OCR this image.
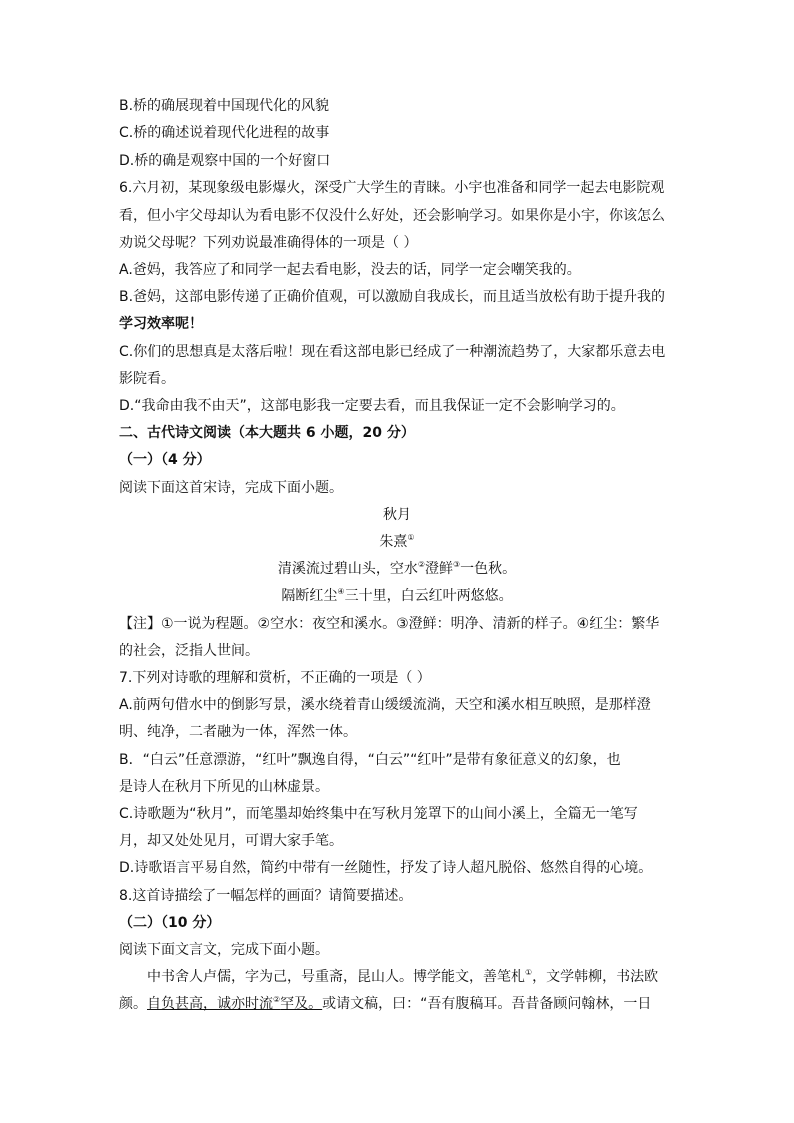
B.桥的确展现着中国现代化的风貌
C.桥的确述说着现代化进程的故事
D.桥的确是观察中国的一个好窗口
6.六月初，某现象级电影爆火，深受广大学生的青睐。小宇也准备和同学一起去电影院观
看，但小宇父母却认为看电影不仅没什么好处，还会影响学习。如果你是小宇，你该怎么
劝说父母呢？下列劝说最准确得体的一项是（ ）
A.爸妈，我答应了和同学一起去看电影，没去的话，同学一定会嘲笑我的。
B.爸妈，这部电影传递了正确价值观，可以激励自我成长，而且适当放松有助于提升我的
学习效率呢！
C.你们的思想真是太落后啦！现在看这部电影已经成了一种潮流趋势了，大家都乐意去电
影院看。
D.“我命由我不由天”，这部电影我一定要去看，而且我保证一定不会影响学习的。
二、古代诗文阅读（本大题共 6 小题，20 分）
（一）（4 分）
阅读下面这首宋诗，完成下面小题。
秋月
朱熹①
清溪流过碧山头，空水②澄鲜③一色秋。
隔断红尘④三十里，白云红叶两悠悠。
【注】①一说为程题。②空水：夜空和溪水。③澄鲜：明净、清新的样子。④红尘：繁华
的社会，泛指人世间。
7.下列对诗歌的理解和赏析，不正确的一项是（ ）
A.前两句借水中的倒影写景，溪水绕着青山缓缓流淌，天空和溪水相互映照，是那样澄
明、纯净，二者融为一体，浑然一体。
B．“白云”任意漂游，“红叶”飘逸自得，“白云”“红叶”是带有象征意义的幻象，也
是诗人在秋月下所见的山林虚景。
C.诗歌题为“秋月”，而笔墨却始终集中在写秋月笼罩下的山间小溪上，全篇无一笔写
月，却又处处见月，可谓大家手笔。
D.诗歌语言平易自然，简约中带有一丝随性，抒发了诗人超凡脱俗、悠然自得的心境。
8.这首诗描绘了一幅怎样的画面？请简要描述。
（二）（10 分）
阅读下面文言文，完成下面小题。
中书舍人卢儒，字为己，号重斋，昆山人。博学能文，善笔札①，文学韩柳，书法欧
颜。自负甚高，诚亦时流②罕及。或请文稿，曰：“吾有腹稿耳。吾昔备顾问翰林，一日
